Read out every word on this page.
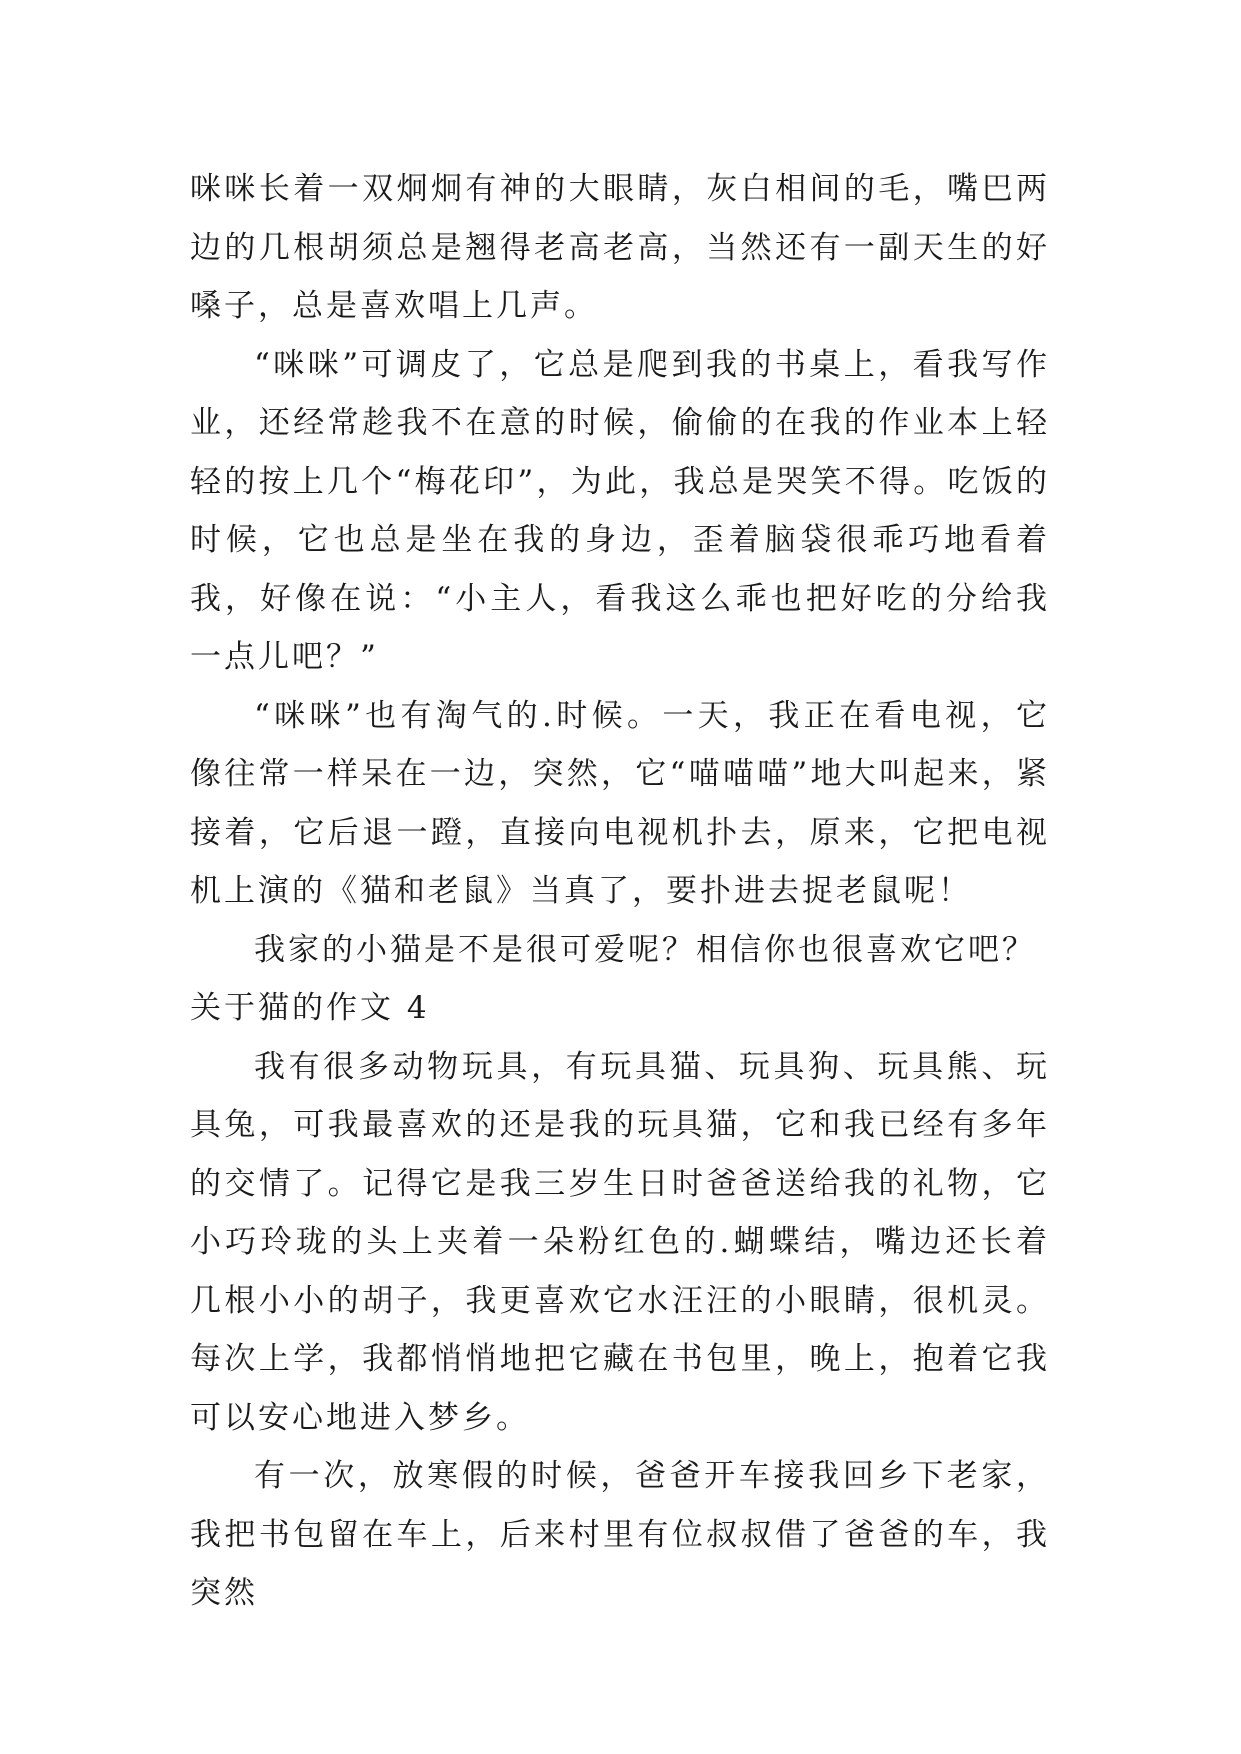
咪咪长着一双炯炯有神的大眼睛，灰白相间的毛，嘴巴两边的几根胡须总是翘得老高老高，当然还有一副天生的好嗓子，总是喜欢唱上几声。

“咪咪”可调皮了，它总是爬到我的书桌上，看我写作业，还经常趁我不在意的时候，偷偷的在我的作业本上轻轻的按上几个“梅花印”，为此，我总是哭笑不得。吃饭的时候，它也总是坐在我的身边，歪着脑袋很乖巧地看着我，好像在说：“小主人，看我这么乖也把好吃的分给我一点儿吧？”

“咪咪”也有淘气的.时候。一天，我正在看电视，它像往常一样呆在一边，突然，它“喵喵喵”地大叫起来，紧接着，它后退一蹬，直接向电视机扑去，原来，它把电视机上演的《猫和老鼠》当真了，要扑进去捉老鼠呢！

我家的小猫是不是很可爱呢？相信你也很喜欢它吧？

关于猫的作文 4

我有很多动物玩具，有玩具猫、玩具狗、玩具熊、玩具兔，可我最喜欢的还是我的玩具猫，它和我已经有多年的交情了。记得它是我三岁生日时爸爸送给我的礼物，它小巧玲珑的头上夹着一朵粉红色的.蝴蝶结，嘴边还长着几根小小的胡子，我更喜欢它水汪汪的小眼睛，很机灵。每次上学，我都悄悄地把它藏在书包里，晚上，抱着它我可以安心地进入梦乡。

有一次，放寒假的时候，爸爸开车接我回乡下老家，我把书包留在车上，后来村里有位叔叔借了爸爸的车，我突然
